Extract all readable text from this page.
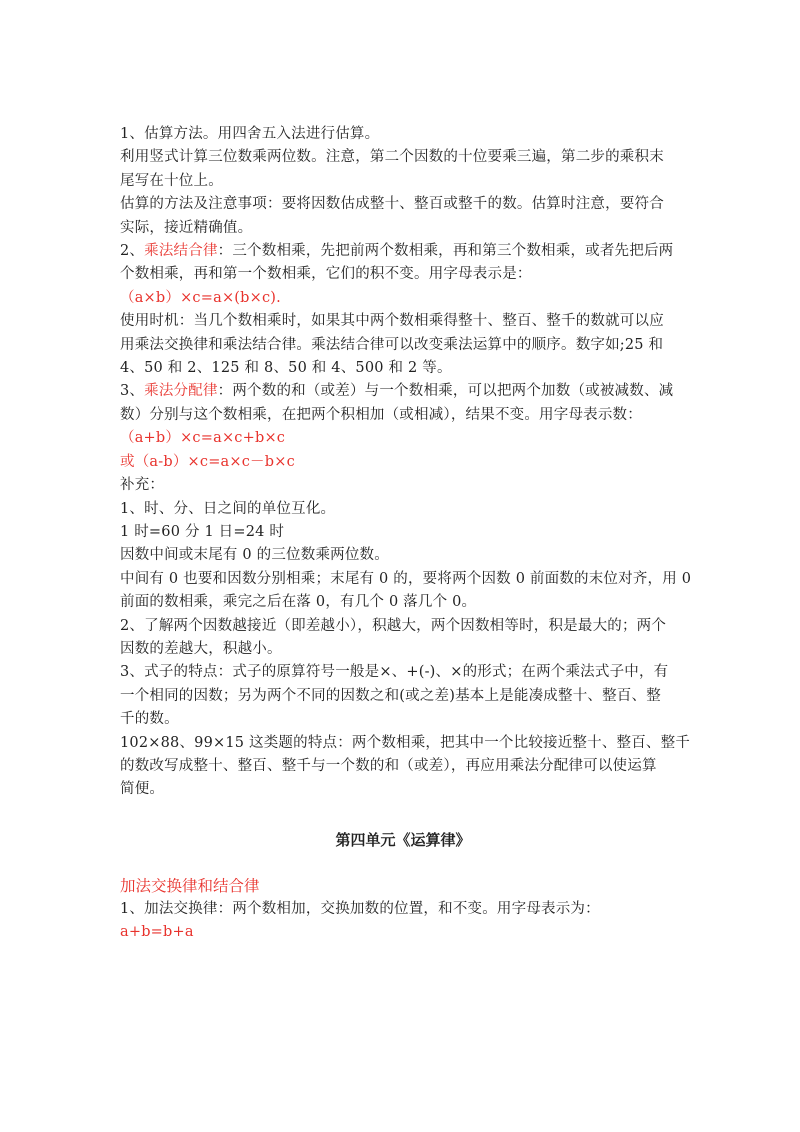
1、估算方法。用四舍五入法进行估算。
利用竖式计算三位数乘两位数。注意，第二个因数的十位要乘三遍，第二步的乘积末
尾写在十位上。
估算的方法及注意事项：要将因数估成整十、整百或整千的数。估算时注意，要符合
实际，接近精确值。
2、乘法结合律：三个数相乘，先把前两个数相乘，再和第三个数相乘，或者先把后两
个数相乘，再和第一个数相乘，它们的积不变。用字母表示是：
（a×b）×c=a×(b×c).
使用时机：当几个数相乘时，如果其中两个数相乘得整十、整百、整千的数就可以应
用乘法交换律和乘法结合律。乘法结合律可以改变乘法运算中的顺序。数字如;25 和
4、50 和 2、125 和 8、50 和 4、500 和 2 等。
3、乘法分配律：两个数的和（或差）与一个数相乘，可以把两个加数（或被减数、减
数）分别与这个数相乘，在把两个积相加（或相减），结果不变。用字母表示数：
（a+b）×c=a×c+b×c
或（a-b）×c=a×c－b×c
补充：
1、时、分、日之间的单位互化。
1 时=60 分 1 日=24 时
因数中间或末尾有 0 的三位数乘两位数。
中间有 0 也要和因数分别相乘；末尾有 0 的，要将两个因数 0 前面数的末位对齐，用 0
前面的数相乘，乘完之后在落 0，有几个 0 落几个 0。
2、了解两个因数越接近（即差越小），积越大，两个因数相等时，积是最大的；两个
因数的差越大，积越小。
3、式子的特点：式子的原算符号一般是×、+(-)、×的形式；在两个乘法式子中，有
一个相同的因数；另为两个不同的因数之和(或之差)基本上是能凑成整十、整百、整
千的数。
102×88、99×15 这类题的特点：两个数相乘，把其中一个比较接近整十、整百、整千
的数改写成整十、整百、整千与一个数的和（或差），再应用乘法分配律可以使运算
简便。
第四单元《运算律》
加法交换律和结合律
1、加法交换律：两个数相加，交换加数的位置，和不变。用字母表示为：
a+b=b+a
